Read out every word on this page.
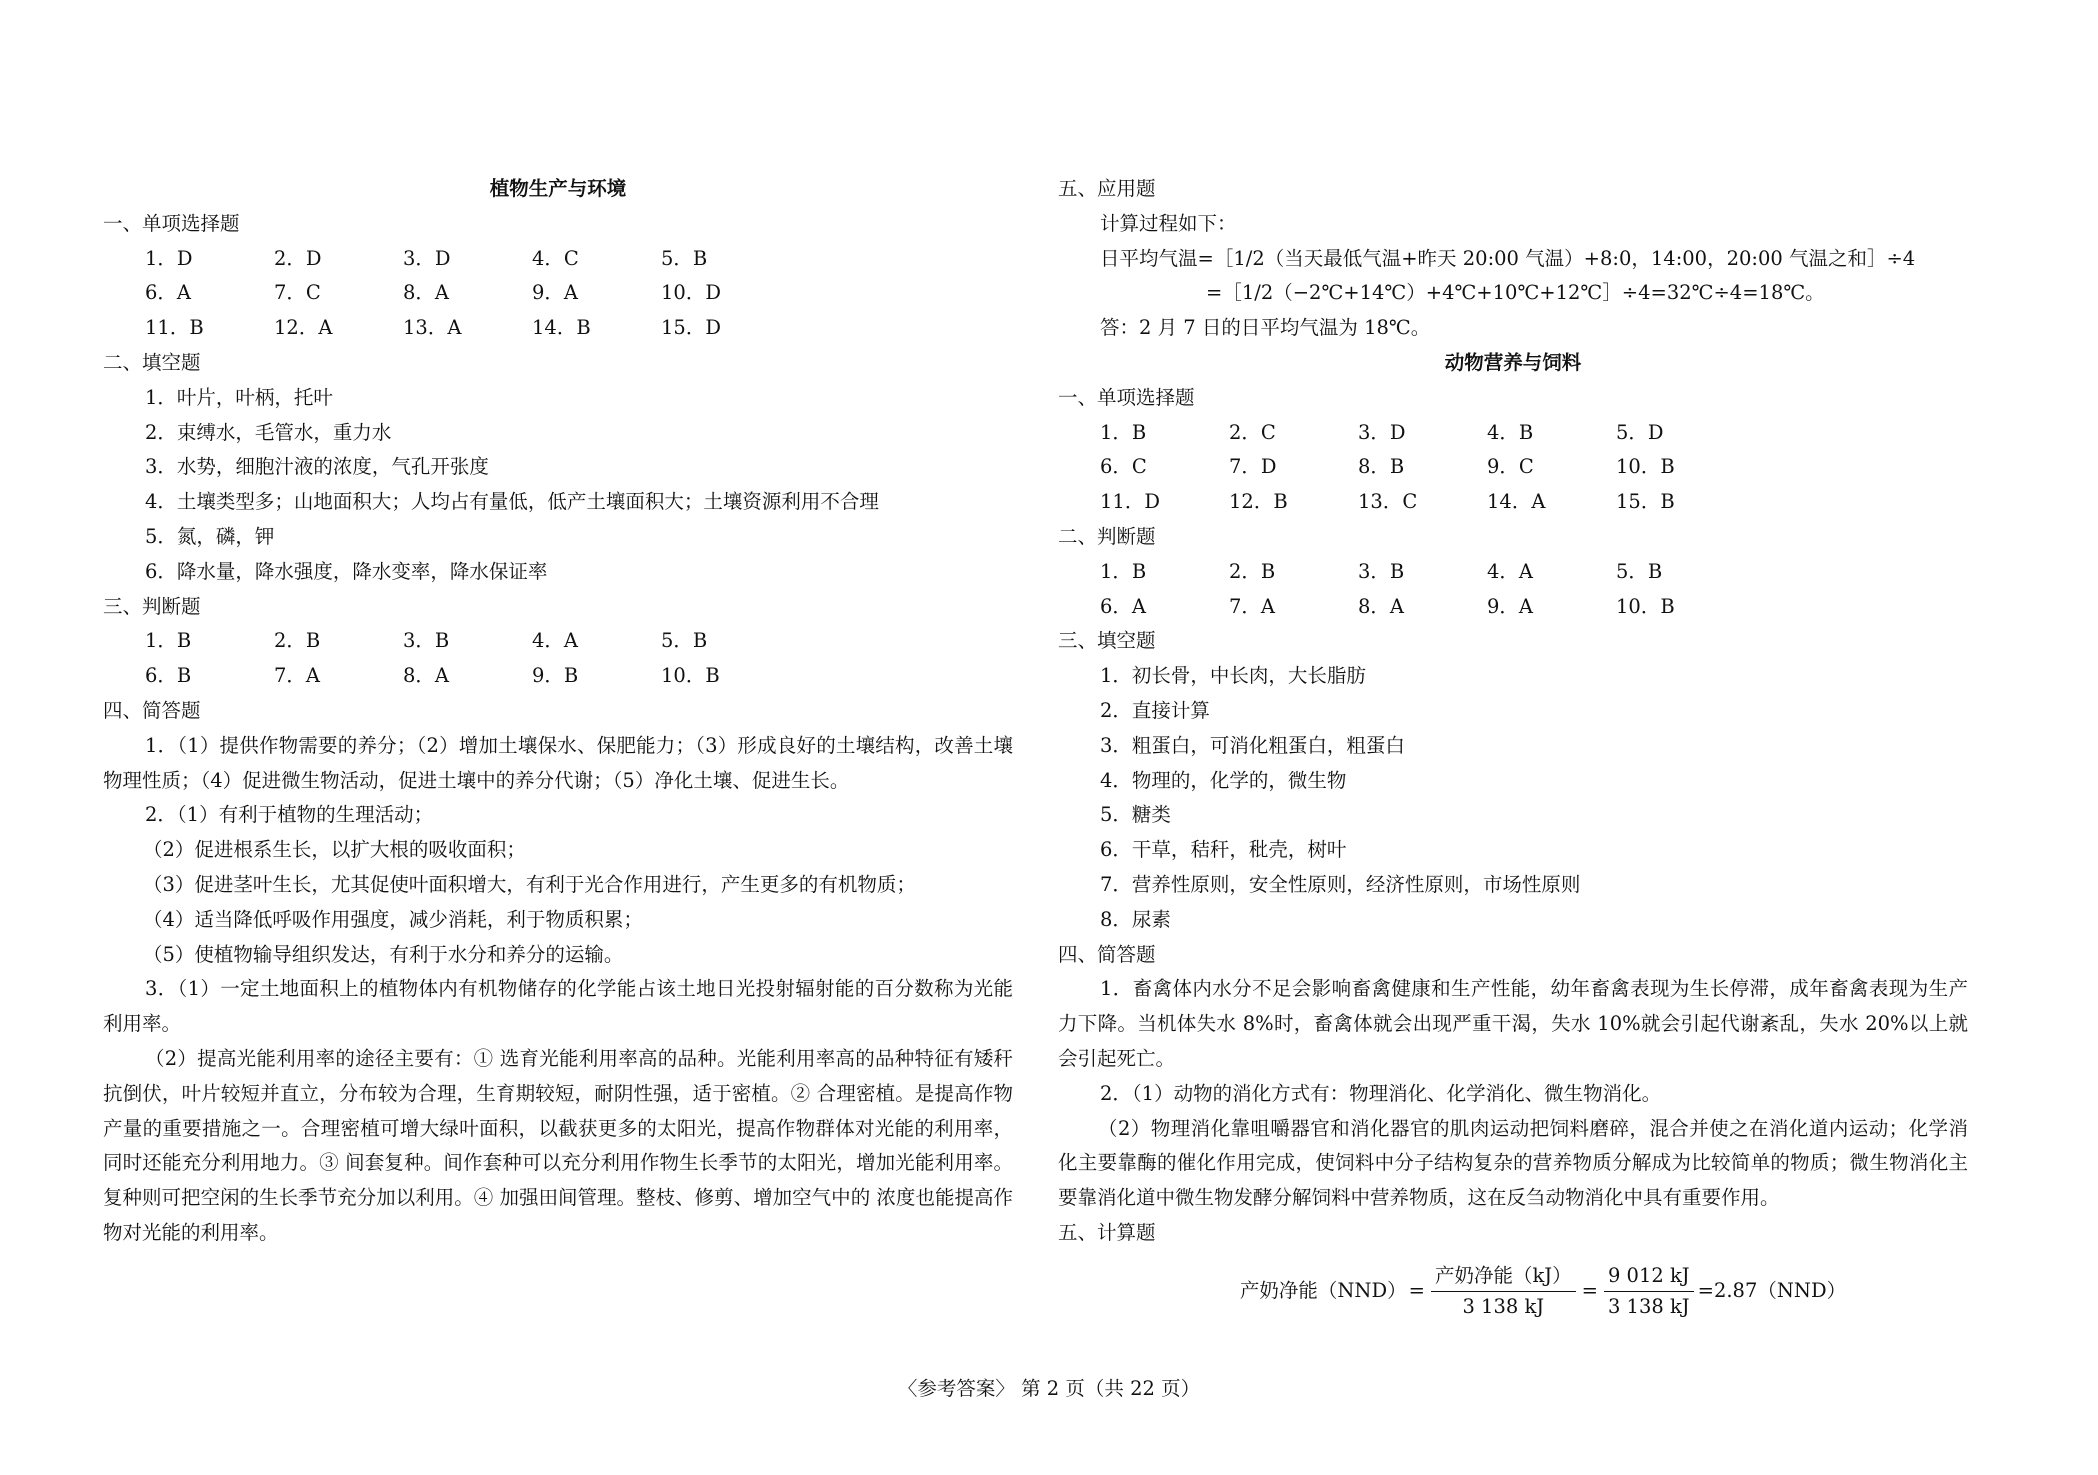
植物生产与环境
一、单项选择题
1．D	2．D	3．D	4．C	5．B
6．A	7．C	8．A	9．A	10．D
11．B	12．A	13．A	14．B	15．D
二、填空题
1．叶片，叶柄，托叶
2．束缚水，毛管水，重力水
3．水势，细胞汁液的浓度，气孔开张度
4．土壤类型多；山地面积大；人均占有量低，低产土壤面积大；土壤资源利用不合理
5．氮，磷，钾
6．降水量，降水强度，降水变率，降水保证率
三、判断题
1．B	2．B	3．B	4．A	5．B
6．B	7．A	8．A	9．B	10．B
四、简答题
1．（1）提供作物需要的养分；（2）增加土壤保水、保肥能力；（3）形成良好的土壤结构，改善土壤物理性质；（4）促进微生物活动，促进土壤中的养分代谢；（5）净化土壤、促进生长。
2．（1）有利于植物的生理活动；
（2）促进根系生长，以扩大根的吸收面积；
（3）促进茎叶生长，尤其促使叶面积增大，有利于光合作用进行，产生更多的有机物质；
（4）适当降低呼吸作用强度，减少消耗，利于物质积累；
（5）使植物输导组织发达，有利于水分和养分的运输。
3．（1）一定土地面积上的植物体内有机物储存的化学能占该土地日光投射辐射能的百分数称为光能利用率。
（2）提高光能利用率的途径主要有：① 选育光能利用率高的品种。光能利用率高的品种特征有矮秆抗倒伏，叶片较短并直立，分布较为合理，生育期较短，耐阴性强，适于密植。② 合理密植。是提高作物产量的重要措施之一。合理密植可增大绿叶面积，以截获更多的太阳光，提高作物群体对光能的利用率，同时还能充分利用地力。③ 间套复种。间作套种可以充分利用作物生长季节的太阳光，增加光能利用率。复种则可把空闲的生长季节充分加以利用。④ 加强田间管理。整枝、修剪、增加空气中的 浓度也能提高作物对光能的利用率。
五、应用题
计算过程如下：
日平均气温=［1/2（当天最低气温+昨天 20:00 气温）+8:0，14:00，20:00 气温之和］÷4
=［1/2（−2℃+14℃）+4℃+10℃+12℃］÷4=32℃÷4=18℃。
答：2 月 7 日的日平均气温为 18℃。
动物营养与饲料
一、单项选择题
1．B	2．C	3．D	4．B	5．D
6．C	7．D	8．B	9．C	10．B
11．D	12．B	13．C	14．A	15．B
二、判断题
1．B	2．B	3．B	4．A	5．B
6．A	7．A	8．A	9．A	10．B
三、填空题
1．初长骨，中长肉，大长脂肪
2．直接计算
3．粗蛋白，可消化粗蛋白，粗蛋白
4．物理的，化学的，微生物
5．糖类
6．干草，秸秆，秕壳，树叶
7．营养性原则，安全性原则，经济性原则，市场性原则
8．尿素
四、简答题
1．畜禽体内水分不足会影响畜禽健康和生产性能，幼年畜禽表现为生长停滞，成年畜禽表现为生产力下降。当机体失水 8%时，畜禽体就会出现严重干渴，失水 10%就会引起代谢紊乱，失水 20%以上就会引起死亡。
2．（1）动物的消化方式有：物理消化、化学消化、微生物消化。
（2）物理消化靠咀嚼器官和消化器官的肌肉运动把饲料磨碎，混合并使之在消化道内运动；化学消化主要靠酶的催化作用完成，使饲料中分子结构复杂的营养物质分解成为比较简单的物质；微生物消化主要靠消化道中微生物发酵分解饲料中营养物质，这在反刍动物消化中具有重要作用。
五、计算题
产奶净能$(NND) = \frac{\text{产奶净能（kJ）}}{3 138 kJ} = \frac{9 012 kJ}{3 138 kJ} =2.87(NND)$
〈参考答案〉 第 2 页（共 22 页）
